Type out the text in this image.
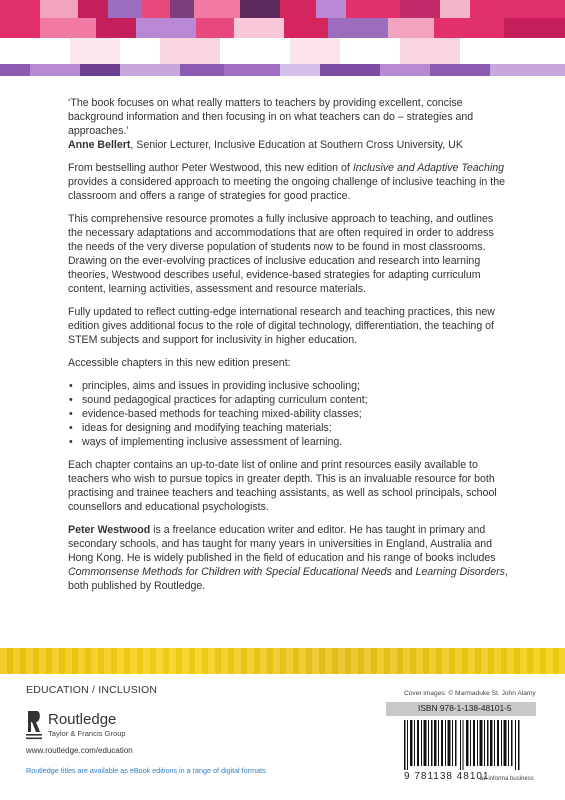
‘The book focuses on what really matters to teachers by providing excellent, concise background information and then focusing in on what teachers can do – strategies and approaches.’
Anne Bellert, Senior Lecturer, Inclusive Education at Southern Cross University, UK

From bestselling author Peter Westwood, this new edition of Inclusive and Adaptive Teaching provides a considered approach to meeting the ongoing challenge of inclusive teaching in the classroom and offers a range of strategies for good practice.

This comprehensive resource promotes a fully inclusive approach to teaching, and outlines the necessary adaptations and accommodations that are often required in order to address the needs of the very diverse population of students now to be found in most classrooms. Drawing on the ever-evolving practices of inclusive education and research into learning theories, Westwood describes useful, evidence-based strategies for adapting curriculum content, learning activities, assessment and resource materials.

Fully updated to reflect cutting-edge international research and teaching practices, this new edition gives additional focus to the role of digital technology, differentiation, the teaching of STEM subjects and support for inclusivity in higher education.

Accessible chapters in this new edition present:

• principles, aims and issues in providing inclusive schooling;
• sound pedagogical practices for adapting curriculum content;
• evidence-based methods for teaching mixed-ability classes;
• ideas for designing and modifying teaching materials;
• ways of implementing inclusive assessment of learning.

Each chapter contains an up-to-date list of online and print resources easily available to teachers who wish to pursue topics in greater depth. This is an invaluable resource for both practising and trainee teachers and teaching assistants, as well as school principals, school counsellors and educational psychologists.

Peter Westwood is a freelance education writer and editor. He has taught in primary and secondary schools, and has taught for many years in universities in England, Australia and Hong Kong. He is widely published in the field of education and his range of books includes Commonsense Methods for Children with Special Educational Needs and Learning Disorders, both published by Routledge.

EDUCATION / INCLUSION
Routledge
Taylor & Francis Group
www.routledge.com/education
Routledge titles are available as eBook editions in a range of digital formats
Cover images: © Marmaduke St. John Alamy
ISBN 978-1-138-48101-5
9 781138 48101
an informa business
